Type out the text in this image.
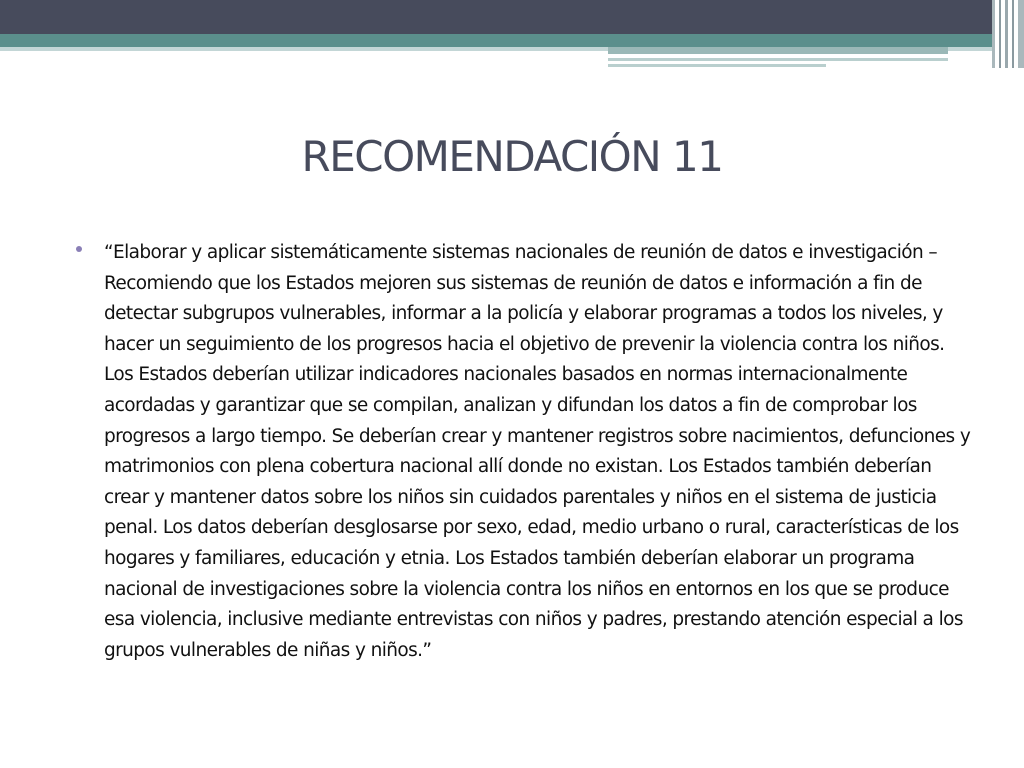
RECOMENDACIÓN 11

“Elaborar y aplicar sistemáticamente sistemas nacionales de reunión de datos e investigación – Recomiendo que los Estados mejoren sus sistemas de reunión de datos e información a fin de detectar subgrupos vulnerables, informar a la policía y elaborar programas a todos los niveles, y hacer un seguimiento de los progresos hacia el objetivo de prevenir la violencia contra los niños. Los Estados deberían utilizar indicadores nacionales basados en normas internacionalmente acordadas y garantizar que se compilan, analizan y difundan los datos a fin de comprobar los progresos a largo tiempo. Se deberían crear y mantener registros sobre nacimientos, defunciones y matrimonios con plena cobertura nacional allí donde no existan. Los Estados también deberían crear y mantener datos sobre los niños sin cuidados parentales y niños en el sistema de justicia penal. Los datos deberían desglosarse por sexo, edad, medio urbano o rural, características de los hogares y familiares, educación y etnia. Los Estados también deberían elaborar un programa nacional de investigaciones sobre la violencia contra los niños en entornos en los que se produce esa violencia, inclusive mediante entrevistas con niños y padres, prestando atención especial a los grupos vulnerables de niñas y niños.”
